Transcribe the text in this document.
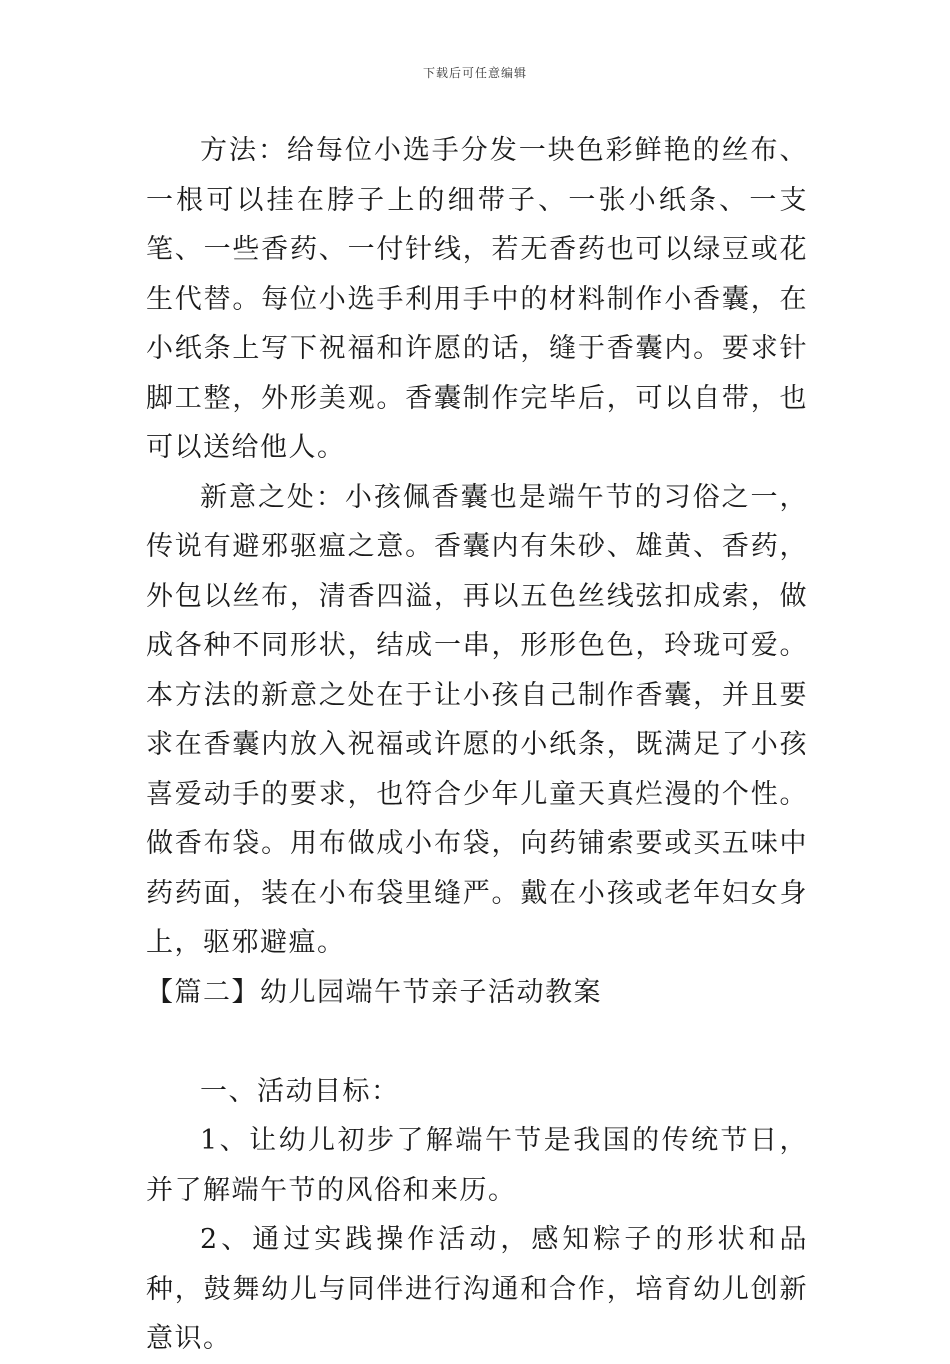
下载后可任意编辑

方法：给每位小选手分发一块色彩鲜艳的丝布、一根可以挂在脖子上的细带子、一张小纸条、一支笔、一些香药、一付针线，若无香药也可以绿豆或花生代替。每位小选手利用手中的材料制作小香囊，在小纸条上写下祝福和许愿的话，缝于香囊内。要求针脚工整，外形美观。香囊制作完毕后，可以自带，也可以送给他人。

新意之处：小孩佩香囊也是端午节的习俗之一，传说有避邪驱瘟之意。香囊内有朱砂、雄黄、香药，外包以丝布，清香四溢，再以五色丝线弦扣成索，做成各种不同形状，结成一串，形形色色，玲珑可爱。本方法的新意之处在于让小孩自己制作香囊，并且要求在香囊内放入祝福或许愿的小纸条，既满足了小孩喜爱动手的要求，也符合少年儿童天真烂漫的个性。做香布袋。用布做成小布袋，向药铺索要或买五味中药药面，装在小布袋里缝严。戴在小孩或老年妇女身上，驱邪避瘟。

【篇二】幼儿园端午节亲子活动教案

一、活动目标：

1、让幼儿初步了解端午节是我国的传统节日，并了解端午节的风俗和来历。

2、通过实践操作活动，感知粽子的形状和品种，鼓舞幼儿与同伴进行沟通和合作，培育幼儿创新意识。
